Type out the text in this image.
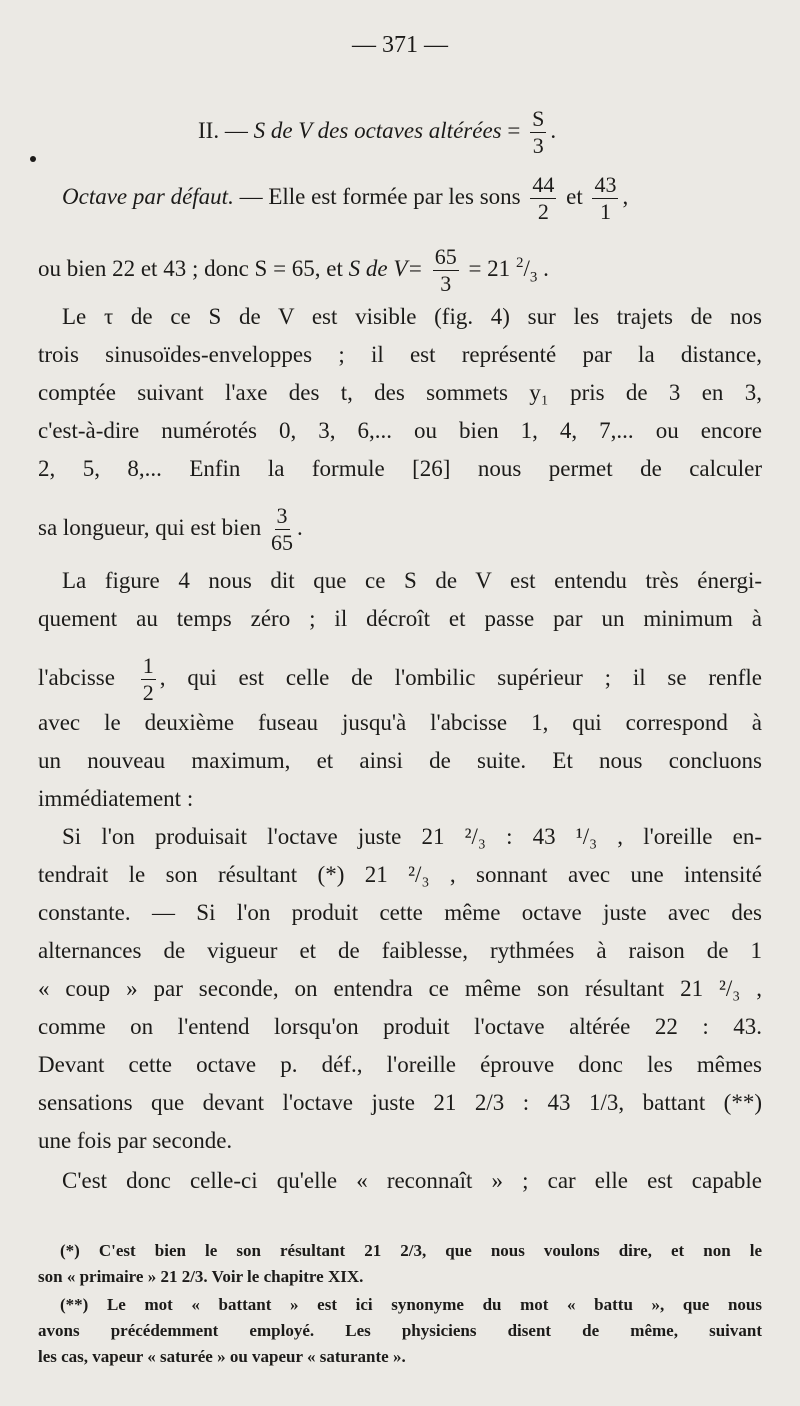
— 371 —
II. — S de V des octaves altérées = $\frac{S}{3}$ .
Octave par défaut. — Elle est formée par les sons $\frac{44}{2}$ et $\frac{43}{1}$ ,
ou bien 22 et 43 ; donc S = 65, et S de $V= \frac{65}{3} = 21$ $^2/_3$ .
Le τ de ce S de V est visible (fig. 4) sur les trajets de nos
trois sinusoïdes-enveloppes ; il est représenté par la distance,
comptée suivant l'axe des t, des sommets y₁ pris de 3 en 3,
c'est-à-dire numérotés 0, 3, 6,... ou bien 1, 4, 7,... ou encore
2, 5, 8,... Enfin la formule [26] nous permet de calculer
sa longueur, qui est bien $\frac{3}{65}$ .
La figure 4 nous dit que ce S de V est entendu très énergi-
quement au temps zéro ; il décroît et passe par un minimum à
l'abcisse $\frac{1}{2}$ , qui est celle de l'ombilic supérieur ; il se renfle
avec le deuxième fuseau jusqu'à l'abcisse 1, qui correspond à
un nouveau maximum, et ainsi de suite. Et nous concluons
immédiatement :
Si l'on produisait l'octave juste 21 ²/₃ : 43 ¹/₃ , l'oreille en-
tendrait le son résultant (*) 21 ²/₃ , sonnant avec une intensité
constante. — Si l'on produit cette même octave juste avec des
alternances de vigueur et de faiblesse, rythmées à raison de 1
« coup » par seconde, on entendra ce même son résultant 21 ²/₃ ,
comme on l'entend lorsqu'on produit l'octave altérée 22 : 43.
Devant cette octave p. déf., l'oreille éprouve donc les mêmes
sensations que devant l'octave juste 21 2/3 : 43 1/3, battant (**)
une fois par seconde.
C'est donc celle-ci qu'elle « reconnaît » ; car elle est capable
(*) C'est bien le son résultant 21 2/3, que nous voulons dire, et non le
son « primaire » 21 2/3. Voir le chapitre XIX.
(**) Le mot « battant » est ici synonyme du mot « battu », que nous
avons précédemment employé. Les physiciens disent de même, suivant
les cas, vapeur « saturée » ou vapeur « saturante ».
